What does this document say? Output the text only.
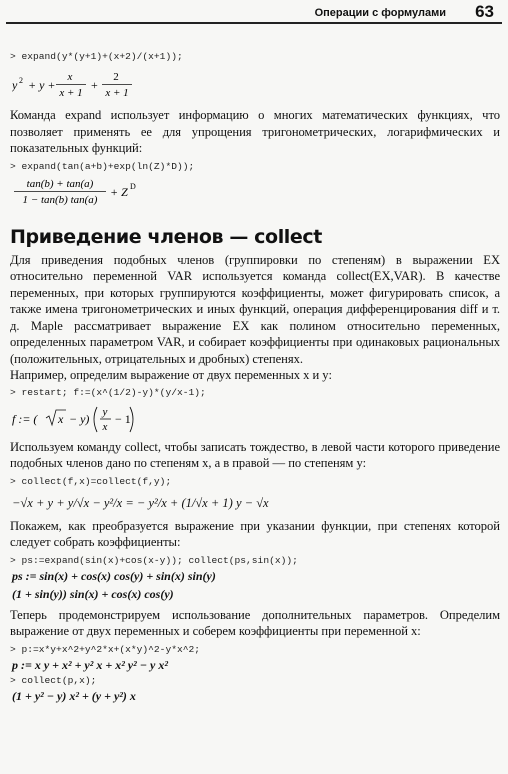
Операции с формулами 63
> expand(y*(y+1)+(x+2)/(x+1));
y 2 + y +
x
x + 1
+
2
x + 1

Команда expand использует информацию о многих математических функциях, что позволяет применять ее для упрощения тригонометрических, логарифмических и показательных функций:

> expand(tan(a+b)+exp(ln(Z)*D));
tan(b) + tan(a)
1 − tan(b) tan(a)
+ Z D
Приведение членов — collect

Для приведения подобных членов (группировки по степеням) в выражении EX относительно переменной VAR используется команда collect(EX,VAR). В качестве переменных, при которых группируются коэффициенты, может фигурировать список, а также имена тригонометрических и иных функций, операция дифференцирования diff и т. д. Maple рассматривает выражение EX как полином относительно переменных, определенных параметром VAR, и собирает коэффициенты при одинаковых рациональных (положительных, отрицательных и дробных) степенях.

Например, определим выражение от двух переменных x и y:

> restart; f:=(x^(1/2)-y)*(y/x-1);
f := ( x − y) y
x
− 1

Используем команду collect, чтобы записать тождество, в левой части которого приведение подобных членов дано по степеням x, а в правой — по степеням y:

> collect(f,x)=collect(f,y);
−√x + y + y/√x − y²/x = − y²/x + (1/√x + 1) y − √x

Покажем, как преобразуется выражение при указании функции, при степенях которой следует собрать коэффициенты:

> ps:=expand(sin(x)+cos(x-y)); collect(ps,sin(x));
ps := sin(x) + cos(x) cos(y) + sin(x) sin(y)
(1 + sin(y)) sin(x) + cos(x) cos(y)

Теперь продемонстрируем использование дополнительных параметров. Определим выражение от двух переменных и соберем коэффициенты при переменной x:

> p:=x*y+x^2+y^2*x+(x*y)^2-y*x^2;
p := x y + x² + y² x + x² y² − y x²
> collect(p,x);
(1 + y² − y) x² + (y + y²) x
